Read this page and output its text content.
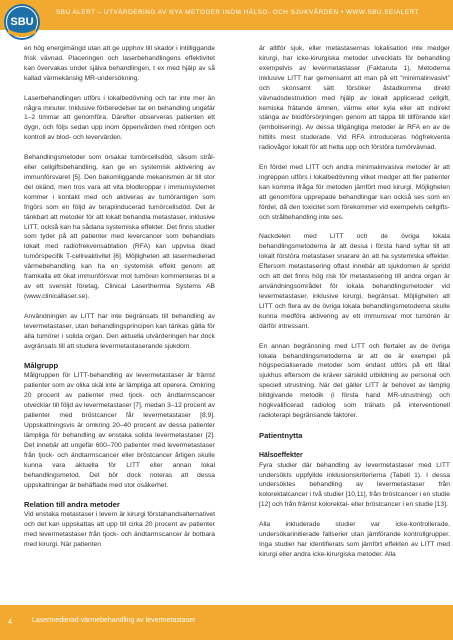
SBU ALERT – UTVÄRDERING AV NYA METODER INOM HÄLSO- OCH SJUKVÅRDEN • WWW.SBU.SE/ALERT
SBU

en hög energimängd utan att ge upphov till skador i intilliggande frisk vävnad. Placeringen och laserbehandlingens effektivitet kan övervakas under själva behandlingen, t ex med hjälp av så kallad värmekänslig MR-undersökning.

Laserbehandlingen utförs i lokalbedövning och tar inte mer än några minuter. Inklusive förberedelser tar en behandling ungefär 1–2 timmar att genomföra. Därefter observeras patienten ett dygn, och följs sedan upp inom öppenvården med röntgen och kontroll av blod- och levervärden.

Behandlingsmetoder som orsakar tumörcellsdöd, såsom strål- eller cellgiftsbehandling, kan ge en systemisk aktivering av immunförsvaret [5]. Den bakomliggande mekanismen är till stor del okänd, men tros vara att vita blodkroppar i immunsystemet kommer i kontakt med och aktiveras av tumörantigen som frigörs som en följd av terapiinducerad tumörcellsdöd. Det är tänkbart att metoder för att lokalt behandla metastaser, inklusive LITT, också kan ha sådana systemiska effekter. Det finns studier som tyder på att patienter med levercancer som behandlats lokalt med radiofrekvensablation (RFA) kan uppvisa ökad tumörspecifik T-cellreaktivitet [6]. Möjligheten att lasermedierad värmebehandling kan ha en systemisk effekt genom att framkalla ett ökat immunförsvar mot tumören kommenteras bl a av ett svenskt företag, Clinical Laserthermia Systems AB (www.clinicallaser.se).

Användningen av LITT har inte begränsats till behandling av levermetastaser, utan behandlingsprincipen kan tänkas gälla för alla tumörer i solida organ. Den aktuella utvärderingen har dock avgränsats till att studera levermetastaserande sjukdom.

Målgrupp

Målgruppen för LITT-behandling av levermetastaser är främst patienter som av olika skäl inte är lämpliga att operera. Omkring 20 procent av patienter med tjock- och ändtarmscancer utvecklar till följd av levermetastaser [7], medan 3–12 procent av patienter med bröstcancer får levermetastaser [8,9]. Uppskattningsvis är omkring 20–40 procent av dessa patienter lämpliga för behandling av enstaka solida levermetastaser [2]. Det innebär att ungefär 600–700 patienter med levermetastaser från tjock- och ändtarmscancer eller bröstcancer årligen skulle kunna vara aktuella för LITT eller annan lokal behandlingsmetod. Det bör dock noteras att dessa uppskattningar är behäftade med stor osäkerhet.

Relation till andra metoder

Vid enstaka metastaser i levern är kirurgi förstahandsalternativet och det kan uppskattas att upp till cirka 20 procent av patienter med levermetastaser från tjock- och ändtarmscancer är botbara med kirurgi. När patienten

är alltför sjuk, eller metastasernas lokalisation inte medger kirurgi, har icke-kirurgiska metoder utvecklats för behandling exempelvis av levermetastaser (Faktaruta 1). Metoderna inklusive LITT har gemensamt att man på ett ”minimalinvasivt” och skonsamt sätt försöker åstadkomma direkt vävnadsdestruktion med hjälp av lokalt applicerad cellgift, kemiska frätande ämnen, värme eller kyla eller att indirekt stänga av blodförsörjningen genom att täppa till tillförande kärl (embolisering). Av dessa tillgängliga metoder är RFA en av de hittills mest studerade. Vid RFA introduceras högfrekventa radiovågor lokalt för att hetta upp och förstöra tumörvävnad.

En fördel med LITT och andra minimalinvasiva metoder är att ingreppen utförs i lokalbedövning vilket medger att fler patienter kan komma ifråga för metoden jämfört med kirurgi. Möjligheten att genomföra upprepade behandlingar kan också ses som en fördel, då den toxicitet som förekommer vid exempelvis cellgifts- och strålbehandling inte ses.

Nackdelen med LITT och de övriga lokala behandlingsmetoderna är att dessa i första hand syftar till att lokalt förstöra metastaser snarare än att ha systemiska effekter. Eftersom metastasering oftast innebär att sjukdomen är spridd och att det finns hög risk för metastasering till andra organ är användningsområdet för lokala behandlingsmetoder vid levermetastaser, inklusive kirurgi, begränsat. Möjligheten att LITT och flera av de övriga lokala behandlingsmetoderna skulle kunna medföra aktivering av ett immunsvar mot tumören är därför intressant.

En annan begränsning med LITT och flertalet av de övriga lokala behandlingsmetoderna är att de är exempel på högspecialiserade metoder som endast utförs på ett fåtal sjukhus eftersom de kräver särskild utbildning av personal och speciell utrustning. När det gäller LITT är behovet av lämplig bildgivande metodik (i första hand MR-utrustning) och högkvalificerad radiolog som tränats på interventionell radioterapi begränsande faktorer.

Patientnytta
Hälsoeffekter

Fyra studier där behandling av levermetastaser med LITT undersökts uppfyllde inklusionskriterierna (Tabell 1). I dessa undersöktes behandling av levermetastaser från kolorektalcancer i två studier [10,11], från bröstcancer i en studie [12] och från främst kolorektal- eller bröstcancer i en studie [13].

Alla inkluderade studier var icke-kontrollerade, undersökarinitierade fallserier utan jämförande kontrollgrupper. Inga studier har identifierats som jämfört effekten av LITT med kirurgi eller andra icke-kirurgiska metoder. Alla

4	Lasermedierad värmebehandling av levermetastaser
